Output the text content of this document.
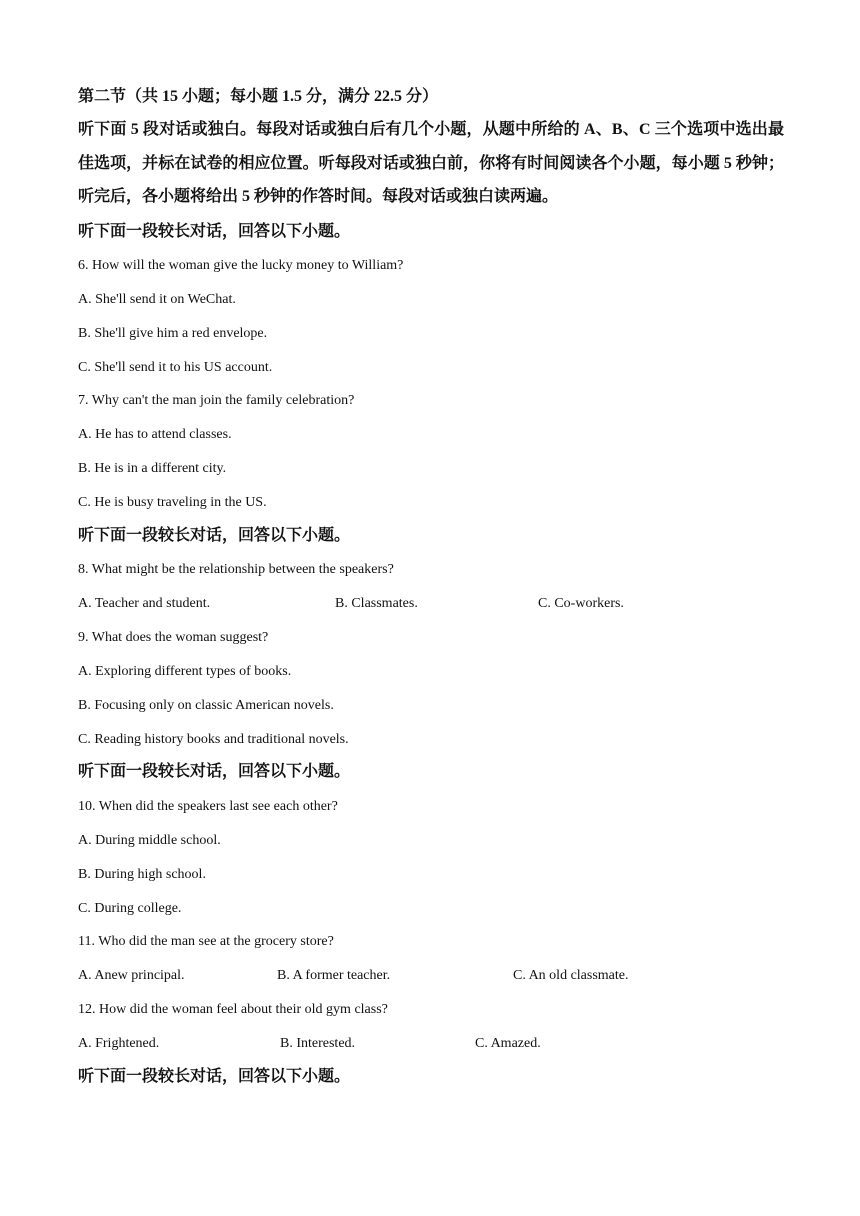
第二节（共 15 小题；每小题 1.5 分，满分 22.5 分）
听下面 5 段对话或独白。每段对话或独白后有几个小题，从题中所给的 A、B、C 三个选项中选出最佳选项，并标在试卷的相应位置。听每段对话或独白前，你将有时间阅读各个小题，每小题 5 秒钟；听完后，各小题将给出 5 秒钟的作答时间。每段对话或独白读两遍。
听下面一段较长对话，回答以下小题。
6. How will the woman give the lucky money to William?
A. She'll send it on WeChat.
B. She'll give him a red envelope.
C. She'll send it to his US account.
7. Why can't the man join the family celebration?
A. He has to attend classes.
B. He is in a different city.
C. He is busy traveling in the US.
听下面一段较长对话，回答以下小题。
8. What might be the relationship between the speakers?
A. Teacher and student.	B. Classmates.	C. Co-workers.
9. What does the woman suggest?
A. Exploring different types of books.
B. Focusing only on classic American novels.
C. Reading history books and traditional novels.
听下面一段较长对话，回答以下小题。
10. When did the speakers last see each other?
A. During middle school.
B. During high school.
C. During college.
11. Who did the man see at the grocery store?
A. Anew principal.	B. A former teacher.	C. An old classmate.
12. How did the woman feel about their old gym class?
A. Frightened.	B. Interested.	C. Amazed.
听下面一段较长对话，回答以下小题。
